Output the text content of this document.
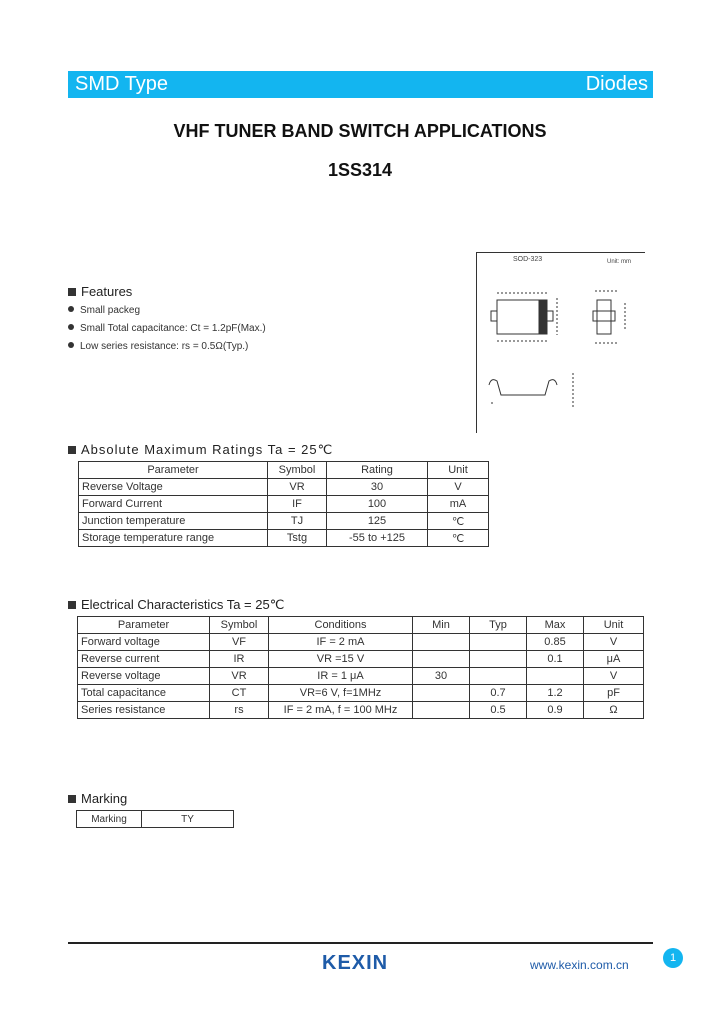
SMD Type	Diodes
VHF TUNER BAND SWITCH APPLICATIONS
1SS314
SOD-323	Unit: mm
Features
Small packeg
Small Total capacitance: Ct = 1.2pF(Max.)
Low series resistance: rs = 0.5Ω(Typ.)
Absolute Maximum Ratings Ta = 25℃
Parameter	Symbol	Rating	Unit
Reverse Voltage	VR	30	V
Forward Current	IF	100	mA
Junction temperature	TJ	125	℃
Storage temperature range	Tstg	-55 to +125	℃
Electrical Characteristics Ta = 25℃
Parameter	Symbol	Conditions	Min	Typ	Max	Unit
Forward voltage	VF	IF = 2 mA			0.85	V
Reverse current	IR	VR =15 V			0.1	μA
Reverse voltage	VR	IR = 1 μA	30			V
Total capacitance	CT	VR=6 V, f=1MHz		0.7	1.2	pF
Series resistance	rs	IF = 2 mA, f = 100 MHz		0.5	0.9	Ω
Marking
Marking	TY
KEXIN	www.kexin.com.cn	1
